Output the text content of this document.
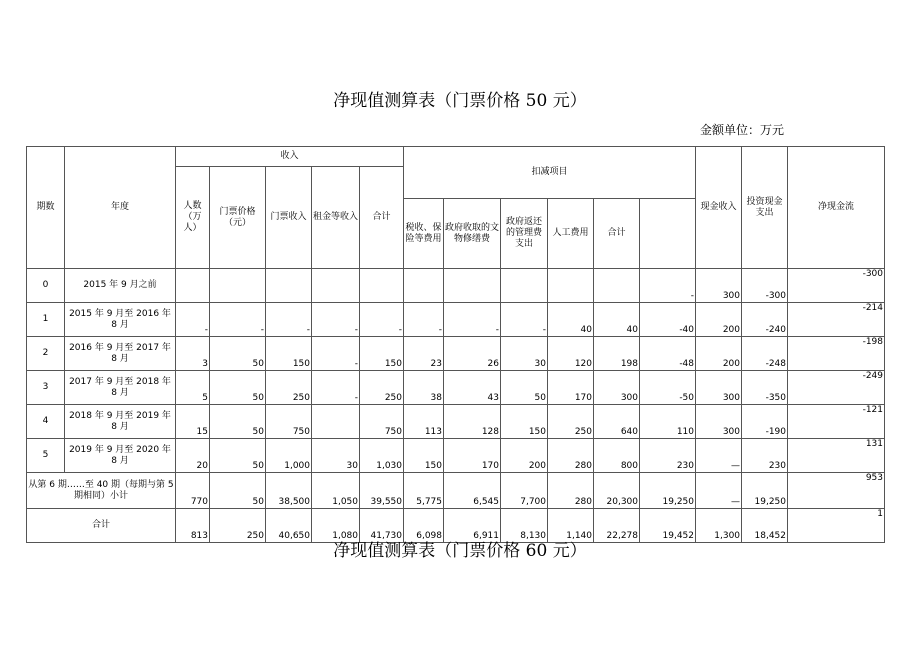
净现值测算表（门票价格 50 元）
金额单位：万元
期数	年度	收入					扣减项目						现金收入	投资现金支出	净现金流	
		人数（万人）	门票价格（元）	门票收入	租金等收入	合计										
							税收、保险等费用	政府收取的文物修缮费	政府返还的管理费支出	人工费用	合计				
0	2015 年 9 月之前											-	300	-300	-300	
1	2015 年 9 月至 2016 年 8 月	-	-	-	-	-	-	-	-	40	40	-40	200	-240	-214	
2	2016 年 9 月至 2017 年 8 月	3	50	150	-	150	23	26	30	120	198	-48	200	-248	-198	
3	2017 年 9 月至 2018 年 8 月	5	50	250	-	250	38	43	50	170	300	-50	300	-350	-249	
4	2018 年 9 月至 2019 年 8 月	15	50	750		750	113	128	150	250	640	110	300	-190	-121	
5	2019 年 9 月至 2020 年 8 月	20	50	1,000	30	1,030	150	170	200	280	800	230	—	230	131	
从第 6 期……至 40 期（每期与第 5 期相同）小计		770	50	38,500	1,050	39,550	5,775	6,545	7,700	280	20,300	19,250	—	19,250	953	
合计		813	250	40,650	1,080	41,730	6,098	6,911	8,130	1,140	22,278	19,452	1,300	18,452	1	
净现值测算表（门票价格 60 元）
